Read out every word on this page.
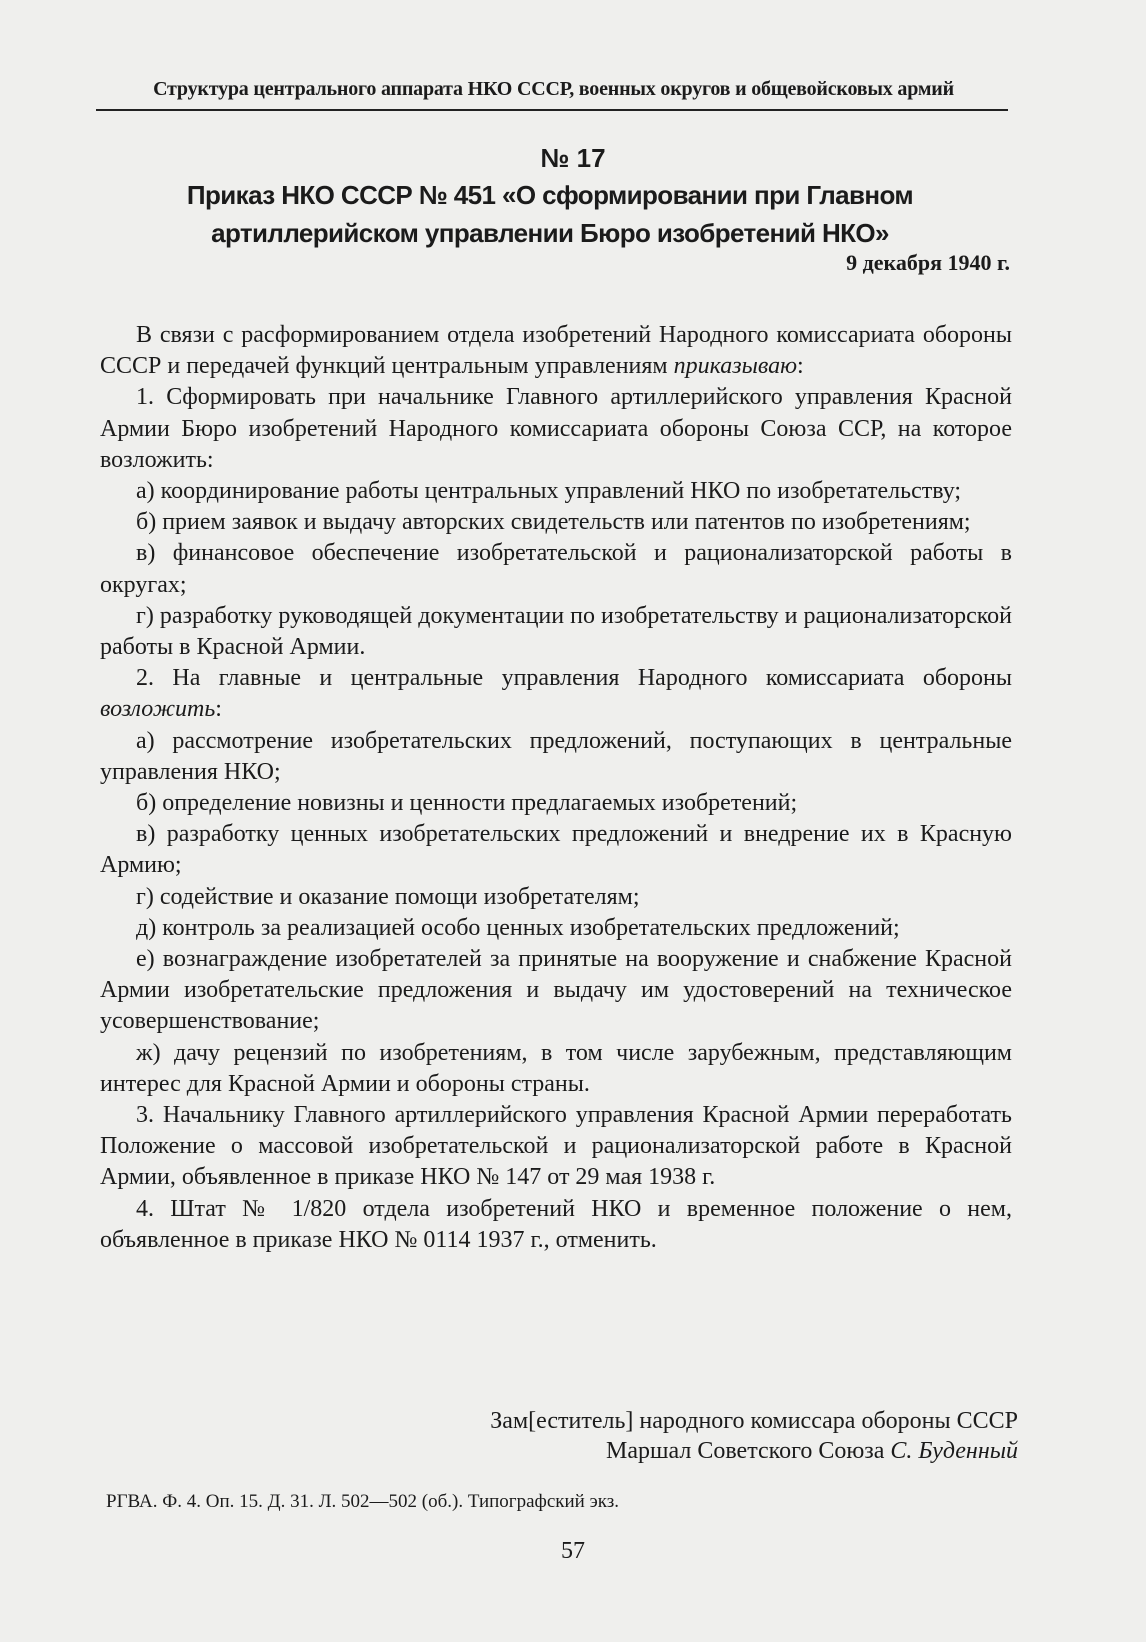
Структура центрального аппарата НКО СССР, военных округов и общевойсковых армий
№ 17
Приказ НКО СССР № 451 «О сформировании при Главном
артиллерийском управлении Бюро изобретений НКО»
9 декабря 1940 г.

В связи с расформированием отдела изобретений Народного комиссариата обороны СССР и передачей функций центральным управлениям приказываю:

1. Сформировать при начальнике Главного артиллерийского управления Красной Армии Бюро изобретений Народного комиссариата обороны Союза ССР, на которое возложить:

а) координирование работы центральных управлений НКО по изобретательству;

б) прием заявок и выдачу авторских свидетельств или патентов по изобретениям;

в) финансовое обеспечение изобретательской и рационализаторской работы в округах;

г) разработку руководящей документации по изобретательству и рационализаторской работы в Красной Армии.

2. На главные и центральные управления Народного комиссариата обороны возложить:

а) рассмотрение изобретательских предложений, поступающих в центральные управления НКО;

б) определение новизны и ценности предлагаемых изобретений;

в) разработку ценных изобретательских предложений и внедрение их в Красную Армию;

г) содействие и оказание помощи изобретателям;

д) контроль за реализацией особо ценных изобретательских предложений;

е) вознаграждение изобретателей за принятые на вооружение и снабжение Красной Армии изобретательские предложения и выдачу им удостоверений на техническое усовершенствование;

ж) дачу рецензий по изобретениям, в том числе зарубежным, представляющим интерес для Красной Армии и обороны страны.

3. Начальнику Главного артиллерийского управления Красной Армии переработать Положение о массовой изобретательской и рационализаторской работе в Красной Армии, объявленное в приказе НКО № 147 от 29 мая 1938 г.

4. Штат № 1/820 отдела изобретений НКО и временное положение о нем, объявленное в приказе НКО № 0114 1937 г., отменить.

Зам[еститель] народного комиссара обороны СССР
Маршал Советского Союза С. Буденный
РГВА. Ф. 4. Оп. 15. Д. 31. Л. 502—502 (об.). Типографский экз.
57
